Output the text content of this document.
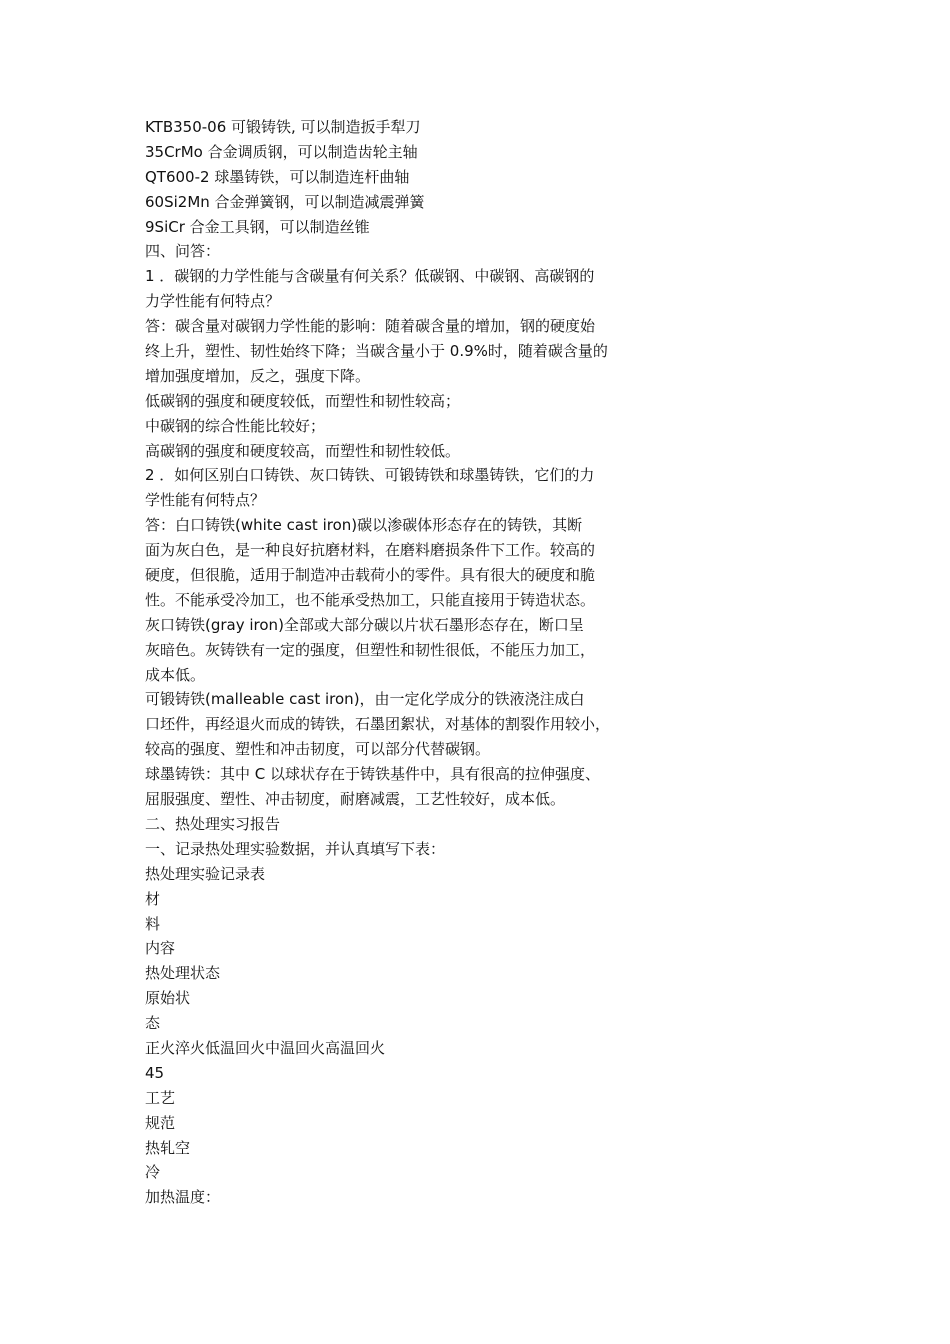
KTB350-06 可锻铸铁, 可以制造扳手犁刀
35CrMo 合金调质钢，可以制造齿轮主轴
QT600-2 球墨铸铁，可以制造连杆曲轴
60Si2Mn 合金弹簧钢，可以制造减震弹簧
9SiCr 合金工具钢，可以制造丝锥
四、问答：
1 ．碳钢的力学性能与含碳量有何关系？低碳钢、中碳钢、高碳钢的
力学性能有何特点？
答：碳含量对碳钢力学性能的影响：随着碳含量的增加，钢的硬度始
终上升，塑性、韧性始终下降；当碳含量小于 0.9%时，随着碳含量的
增加强度增加，反之，强度下降。
低碳钢的强度和硬度较低，而塑性和韧性较高；
中碳钢的综合性能比较好；
高碳钢的强度和硬度较高，而塑性和韧性较低。
2 ．如何区别白口铸铁、灰口铸铁、可锻铸铁和球墨铸铁，它们的力
学性能有何特点？
答：白口铸铁(white cast iron)碳以渗碳体形态存在的铸铁，其断
面为灰白色，是一种良好抗磨材料，在磨料磨损条件下工作。较高的
硬度，但很脆，适用于制造冲击载荷小的零件。具有很大的硬度和脆
性。不能承受冷加工，也不能承受热加工，只能直接用于铸造状态。
灰口铸铁(gray iron)全部或大部分碳以片状石墨形态存在，断口呈
灰暗色。灰铸铁有一定的强度，但塑性和韧性很低，不能压力加工，
成本低。
可锻铸铁(malleable cast iron)，由一定化学成分的铁液浇注成白
口坯件，再经退火而成的铸铁，石墨团絮状，对基体的割裂作用较小，
较高的强度、塑性和冲击韧度，可以部分代替碳钢。
球墨铸铁：其中 C 以球状存在于铸铁基件中，具有很高的拉伸强度、
屈服强度、塑性、冲击韧度，耐磨减震，工艺性较好，成本低。
二、热处理实习报告
一、记录热处理实验数据，并认真填写下表：
热处理实验记录表
材
料
内容
热处理状态
原始状
态
正火淬火低温回火中温回火高温回火
45
工艺
规范
热轧空
冷
加热温度：
